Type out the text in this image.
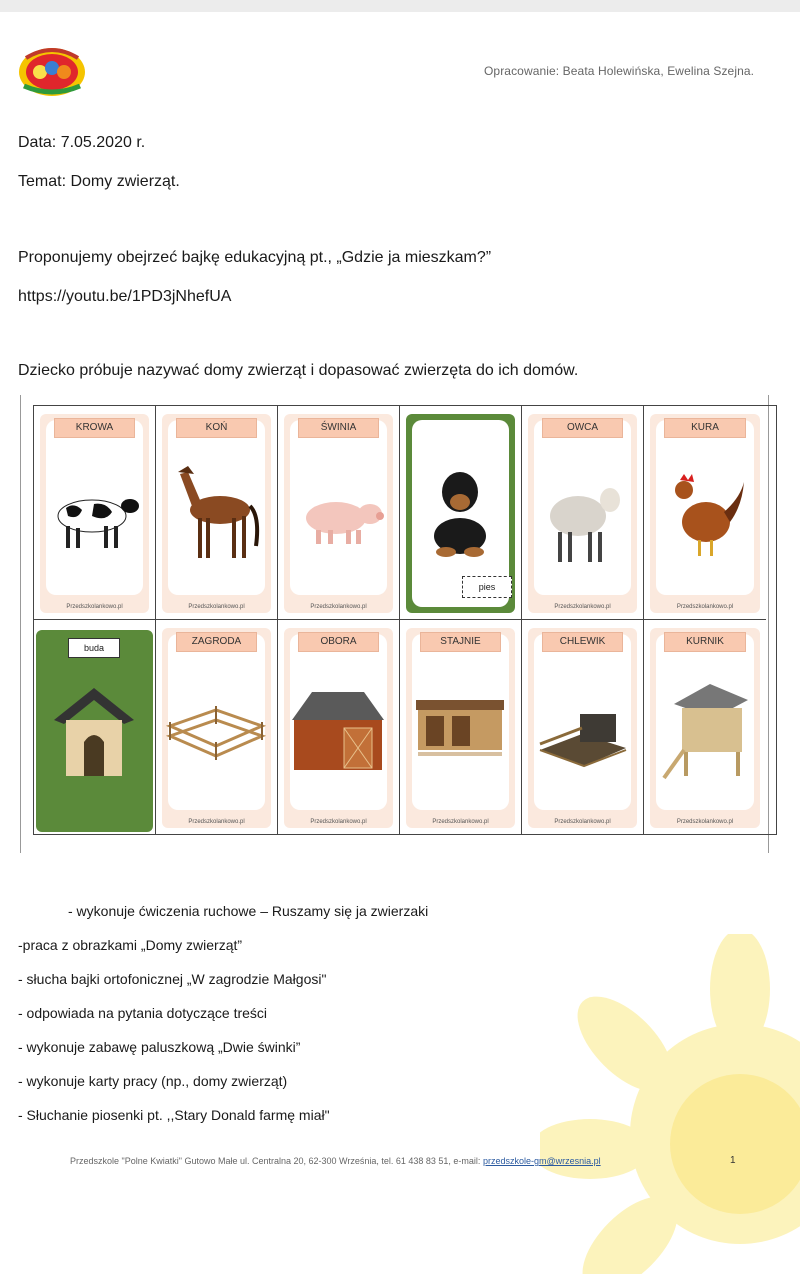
Opracowanie: Beata Holewińska, Ewelina Szejna.
Data: 7.05.2020 r.
Temat: Domy zwierząt.
Proponujemy obejrzeć bajkę edukacyjną pt., „Gdzie ja mieszkam?”
https://youtu.be/1PD3jNhefUA
Dziecko próbuje nazywać domy zwierząt i dopasować zwierzęta do ich domów.
KROWA
Przedszkolankowo.pl
KOŃ
Przedszkolankowo.pl
ŚWINIA
Przedszkolankowo.pl
pies
OWCA
Przedszkolankowo.pl
KURA
Przedszkolankowo.pl
buda
ZAGRODA
Przedszkolankowo.pl
OBORA
Przedszkolankowo.pl
STAJNIE
Przedszkolankowo.pl
CHLEWIK
Przedszkolankowo.pl
KURNIK
Przedszkolankowo.pl
- wykonuje ćwiczenia ruchowe – Ruszamy się ja zwierzaki
-praca z obrazkami „Domy zwierząt”
- słucha bajki ortofonicznej „W zagrodzie Małgosi"
- odpowiada na pytania dotyczące treści
- wykonuje zabawę paluszkową „Dwie świnki”
- wykonuje karty pracy (np., domy zwierząt)
- Słuchanie piosenki pt. ,,Stary Donald farmę miał"
Przedszkole "Polne Kwiatki" Gutowo Małe ul. Centralna 20, 62-300 Września, tel. 61 438 83 51, e-mail: przedszkole-gm@wrzesnia.pl	1
